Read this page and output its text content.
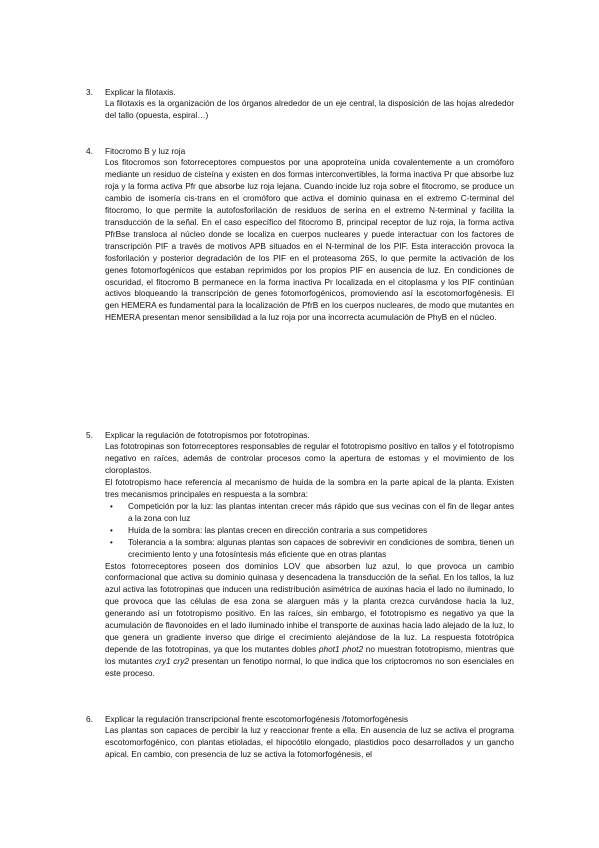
3.	Explicar la filotaxis.

La filotaxis es la organización de los órganos alrededor de un eje central, la disposición de las hojas alrededor del tallo (opuesta, espiral…)

4.	Fitocromo B y luz roja

Los fitocromos son fotorreceptores compuestos por una apoproteína unida covalentemente a un cromóforo mediante un residuo de cisteína y existen en dos formas interconvertibles, la forma inactiva Pr que absorbe luz roja y la forma activa Pfr que absorbe luz roja lejana. Cuando incide luz roja sobre el fitocromo, se produce un cambio de isomería cis-trans en el cromóforo que activa el dominio quinasa en el extremo C-terminal del fitocromo, lo que permite la autofosforilación de residuos de serina en el extremo N-terminal y facilita la transducción de la señal. En el caso específico del fitocromo B, principal receptor de luz roja, la forma activa PfrBse transloca al núcleo donde se localiza en cuerpos nucleares y puede interactuar con los factores de transcripción PIF a través de motivos APB situados en el N-terminal de los PIF. Esta interacción provoca la fosforilación y posterior degradación de los PIF en el proteasoma 26S, lo que permite la activación de los genes fotomorfogénicos que estaban reprimidos por los propios PIF en ausencia de luz. En condiciones de oscuridad, el fitocromo B permanece en la forma inactiva Pr localizada en el citoplasma y los PIF continúan activos bloqueando la transcripción de genes fotomorfogénicos, promoviendo así la escotomorfogénesis. El gen HEMERA es fundamental para la localización de PfrB en los cuerpos nucleares, de modo que mutantes en HEMERA presentan menor sensibilidad a la luz roja por una incorrecta acumulación de PhyB en el núcleo.

5.	Explicar la regulación de fototropismos por fototropinas.

Las fototropinas son fotorreceptores responsables de regular el fototropismo positivo en tallos y el fototropismo negativo en raíces, además de controlar procesos como la apertura de estomas y el movimiento de los cloroplastos.

El fototropismo hace referencia al mecanismo de huida de la sombra en la parte apical de la planta. Existen tres mecanismos principales en respuesta a la sombra:

• Competición por la luz: las plantas intentan crecer más rápido que sus vecinas con el fin de llegar antes a la zona con luz
• Huida de la sombra: las plantas crecen en dirección contraria a sus competidores
• Tolerancia a la sombra: algunas plantas son capaces de sobrevivir en condiciones de sombra, tienen un crecimiento lento y una fotosíntesis más eficiente que en otras plantas

Estos fotorreceptores poseen dos dominios LOV que absorben luz azul, lo que provoca un cambio conformacional que activa su dominio quinasa y desencadena la transducción de la señal. En los tallos, la luz azul activa las fototropinas que inducen una redistribución asimétrica de auxinas hacia el lado no iluminado, lo que provoca que las células de esa zona se alarguen más y la planta crezca curvándose hacia la luz, generando así un fototropismo positivo. En las raíces, sin embargo, el fototropismo es negativo ya que la acumulación de flavonoides en el lado iluminado inhibe el transporte de auxinas hacia lado alejado de la luz, lo que genera un gradiente inverso que dirige el crecimiento alejándose de la luz. La respuesta fototrópica depende de las fototropinas, ya que los mutantes dobles phot1 phot2 no muestran fototropismo, mientras que los mutantes cry1 cry2 presentan un fenotipo normal, lo que indica que los criptocromos no son esenciales en este proceso.

6.	Explicar la regulación transcripcional frente escotomorfogénesis /fotomorfogénesis

Las plantas son capaces de percibir la luz y reaccionar frente a ella. En ausencia de luz se activa el programa escotomorfogénico, con plantas etioladas, el hipocótilo elongado, plastidios poco desarrollados y un gancho apical. En cambio, con presencia de luz se activa la fotomorfogénesis, el
